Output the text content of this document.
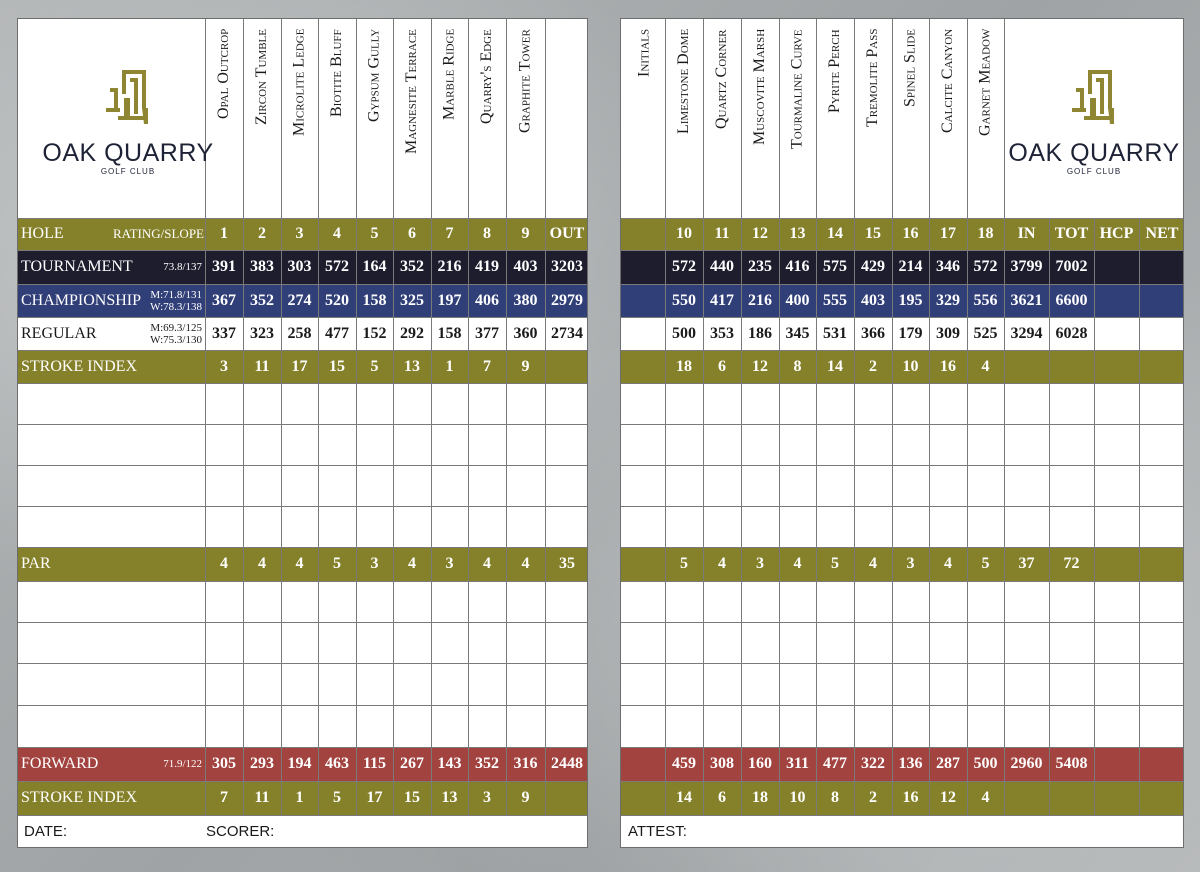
Opal Outcrop	Zircon Tumble	Microlite Ledge	Biotite Bluff	Gypsum Gully	Magnesite Terrace	Marble Ridge	Quarry's Edge	Graphite Tower
OAK QUARRY
GOLF CLUB
HOLE	RATING/SLOPE	1	2	3	4	5	6	7	8	9	OUT
TOURNAMENT	73.8/137 391 383 303 572 164 352 216 419 403 3203
CHAMPIONSHIP M:71.8/131
W:78.3/138 367 352 274 520 158 325 197 406 380 2979
REGULAR	M:69.3/125
W:75.3/130 337 323 258 477 152 292 158 377 360 2734
STROKE INDEX	3	11	17	15	5	13	1	7	9
PAR	4	4	4	5	3	4	3	4	4	35
FORWARD	71.9/122 305 293 194 463 115 267 143 352 316 2448
STROKE INDEX	7	11	1	5	17	15	13	3	9
DATE:	SCORER:
Initials	Limestone Dome	Quartz Corner	Muscovite Marsh	Tourmaline Curve	Pyrite Perch	Tremolite Pass	Spinel Slide	Calcite Canyon	Garnet Meadow
OAK QUARRY
GOLF CLUB
10	11	12	13	14	15	16	17	18	IN	TOT HCP NET
572 440 235 416 575 429 214 346 572 3799 7002
550 417 216 400 555 403 195 329 556 3621 6600
500 353 186 345 531 366 179 309 525 3294 6028
18	6	12	8	14	2	10	16	4
5	4	3	4	5	4	3	4	5	37	72
459 308 160 311 477 322 136 287 500 2960 5408
14	6	18	10	8	2	16	12	4
ATTEST:
